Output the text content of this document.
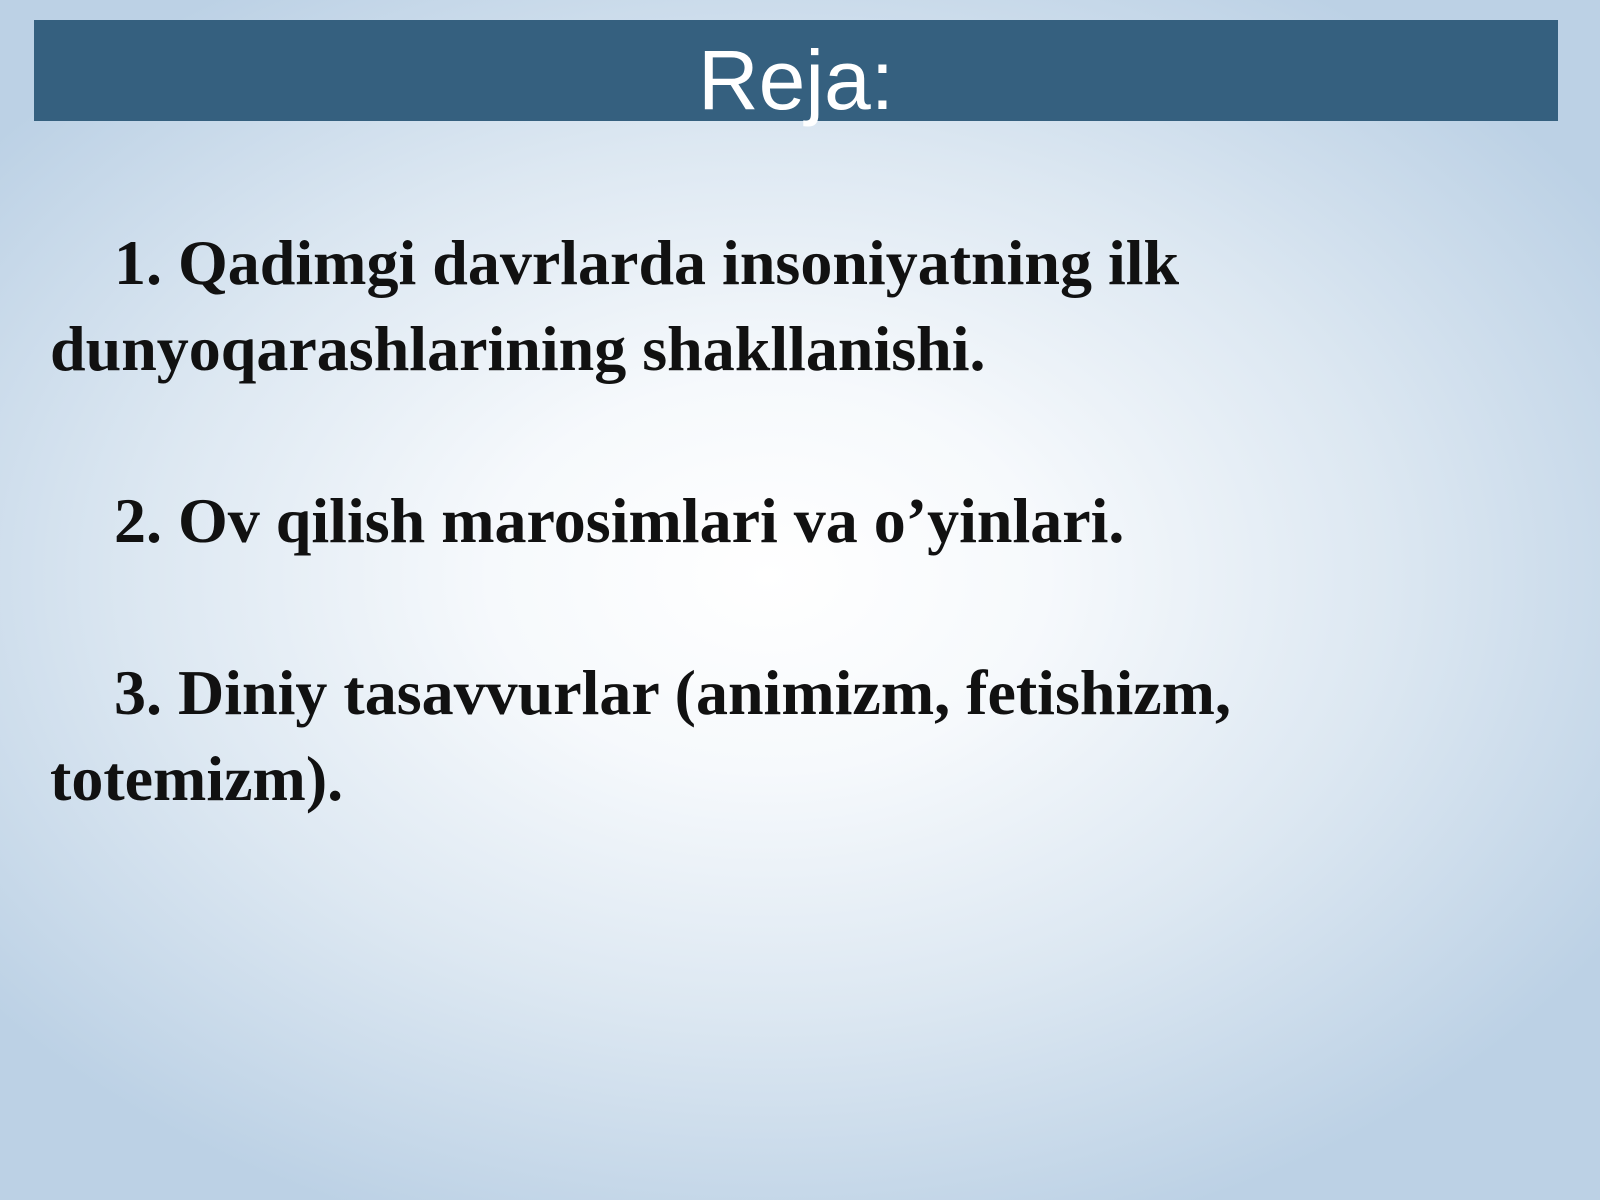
Reja:

1. Qadimgi davrlarda insoniyatning ilk dunyoqarashlarining shakllanishi.

2. Ov qilish marosimlari va o’yinlari.

3. Diniy tasavvurlar (animizm, fetishizm, totemizm).
